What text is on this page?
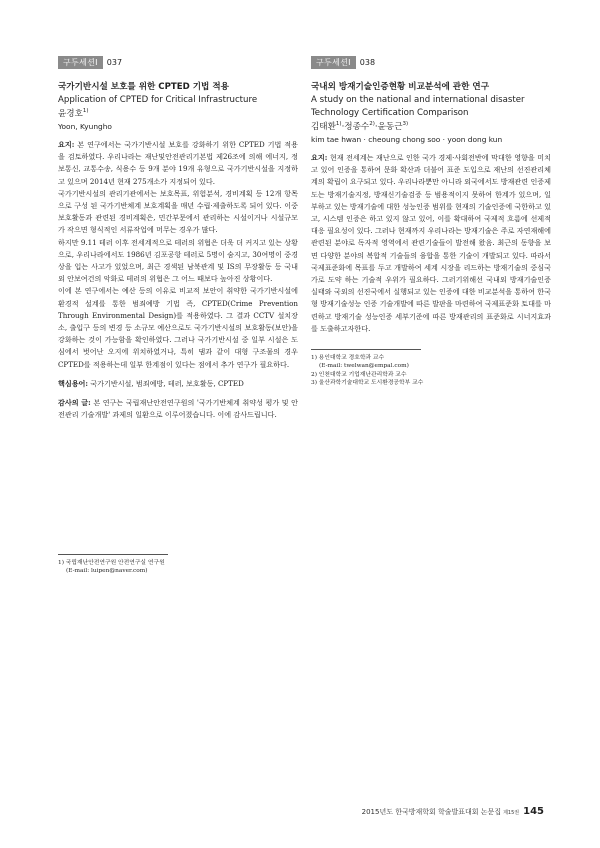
구두세션Ⅰ	037
국가기반시설 보호를 위한 CPTED 기법 적용
Application of CPTED for Critical Infrastructure
윤경호$^{1)}$
Yoon, Kyungho

요지: 본 연구에서는 국가기반시설 보호를 강화하기 위한 CPTED 기법 적용을 검토하였다. 우리나라는 재난및안전관리기본법 제26조에 의해 에너지, 정보통신, 교통수송, 식용수 등 9개 분야 19개 유형으로 국가기반시설을 지정하고 있으며 2014년 현재 275개소가 지정되어 있다.

국가기반시설의 관리기관에서는 보호목표, 위험분석, 경비계획 등 12개 항목으로 구성 된 국가기반체계 보호계획을 매년 수립·제출하도록 되어 있다. 이중 보호활동과 관련된 경비계획은, 민간부문에서 관리하는 시설이거나 시설규모가 작으면 형식적인 서류작업에 머무는 경우가 많다.

하지만 9.11 테러 이후 전세계적으로 테러의 위협은 더욱 더 커지고 있는 상황으로, 우리나라에서도 1986년 김포공항 테러로 5명이 숨지고, 30여명이 중경상을 입는 사고가 있었으며, 최근 경색된 남북관계 및 IS의 무장활동 등 국내외 안보여건의 악화로 테러의 위협은 그 어느 때보다 높아진 상황이다.

이에 본 연구에서는 예산 등의 이유로 비교적 보안이 취약한 국가기반시설에 환경적 설계를 통한 범죄예방 기법 즉, CPTED(Crime Prevention Through Environmental Design)를 적용하였다. 그 결과 CCTV 설치장소, 출입구 등의 변경 등 소규모 예산으로도 국가기반시설의 보호활동(보안)을 강화하는 것이 가능함을 확인하였다. 그러나 국가기반시설 중 일부 시설은 도심에서 벗어난 오지에 위치하였거나, 특히 댐과 같이 대형 구조물의 경우 CPTED를 적용하는데 일부 한계점이 있다는 점에서 추가 연구가 필요하다.

핵심용어: 국가기반시설, 범죄예방, 테러, 보호활동, CPTED
감사의 글: 본 연구는 국립재난안전연구원의 '국가기반체계 취약성 평가 및 안전관리 기술개발' 과제의 일환으로 이루어졌습니다. 이에 감사드립니다.
1) 국립재난안전연구원 안전연구실 연구원
(E-mail: luipen@naver.com)
구두세션Ⅰ	038
국내외 방재기술인증현황 비교분석에 관한 연구
A study on the national and international disaster
Technology Certification Comparison
김태환$^{1)}$·정종수$^{2)}$·윤동근$^{3)}$
kim tae hwan · cheoung chong soo · yoon dong kun

요지: 현재 전세계는 재난으로 인한 국가 경제·사회전반에 막대한 영향을 미치고 있어 인증을 통하여 문화 확산과 더불어 표준 도입으로 재난의 선진관리체계의 확립이 요구되고 있다. 우리나라뿐만 아니라 외국에서도 방재관련 인증제도는 방재기술지정, 방재신기술검증 등 범용적이지 못하여 한계가 있으며, 일부하고 있는 방재기술에 대한 성능인증 범위를 현재의 기술인증에 국한하고 있고, 시스템 인증은 하고 있지 않고 있어, 이를 확대하여 국제적 흐름에 선제적 대응 필요성이 있다. 그러나 현재까지 우리나라는 방재기술은 주로 자연재해에 관련된 분야로 독자적 영역에서 관련기술들이 발전해 왔음. 최근의 동향을 보면 다양한 분야의 복합적 기술들의 융합을 통한 기술이 개발되고 있다. 따라서 국제표준화에 목표를 두고 개발하여 세계 시장을 리드하는 방재기술의 중심국가로 도약 하는 기술적 우위가 필요하다. 그러기위해선 국내외 방재기술인증 실태와 국외의 선진국에서 실행되고 있는 인증에 대한 비교분석을 통하여 한국형 방재기술성능 인증 기술개발에 따른 발판을 마련하여 국제표준화 토대를 마련하고 방재기술 성능인증 세부기준에 따른 방재관리의 표준화로 시너지효과를 도출하고자한다.

1) 용인대학교 경호학과 교수
(E-mail: twelwan@empal.com)
2) 인천대학교 기업재난관리학과 교수
3) 울산과학기술대학교 도시환경공학부 교수
2015년도 한국방재학회 학술발표대회 논문집 제15권 145
